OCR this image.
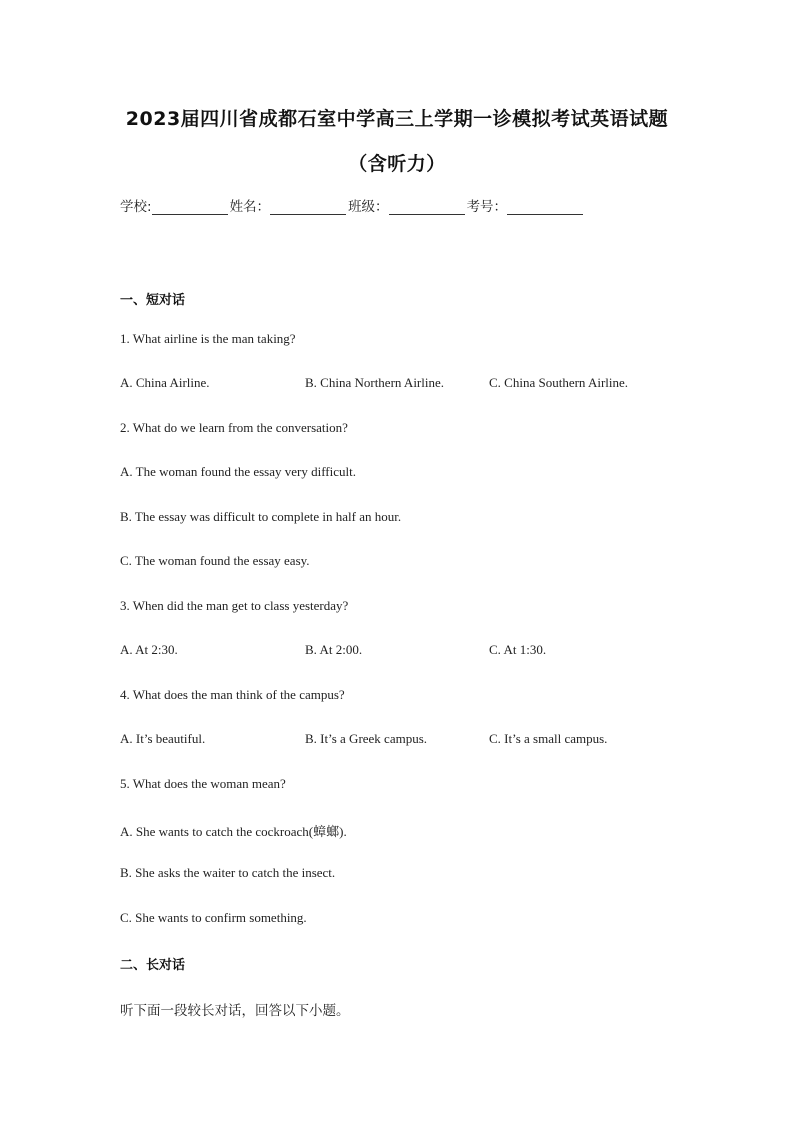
2023届四川省成都石室中学高三上学期一诊模拟考试英语试题
（含听力）
学校:	姓名：	班级：	考号：
一、短对话
1. What airline is the man taking?
A. China Airline.	B. China Northern Airline.	C. China Southern Airline.
2. What do we learn from the conversation?
A. The woman found the essay very difficult.
B. The essay was difficult to complete in half an hour.
C. The woman found the essay easy.
3. When did the man get to class yesterday?
A. At 2:30.	B. At 2:00.	C. At 1:30.
4. What does the man think of the campus?
A. It’s beautiful.	B. It’s a Greek campus.	C. It’s a small campus.
5. What does the woman mean?
A. She wants to catch the cockroach(蟑螂).
B. She asks the waiter to catch the insect.
C. She wants to confirm something.
二、长对话
听下面一段较长对话，回答以下小题。
